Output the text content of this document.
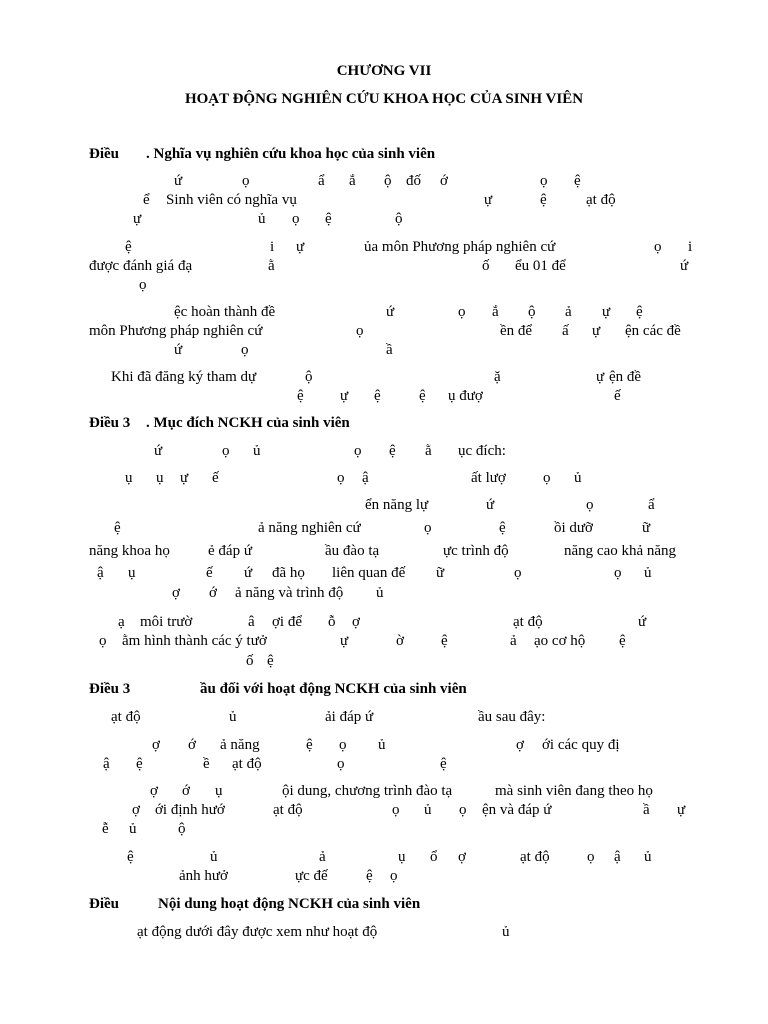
CHƯƠNG VII
HOẠT ĐỘNG NGHIÊN CỨU KHOA HỌC CỦA SINH VIÊN
Điều . Nghĩa vụ nghiên cứu khoa học của sinh viên
ứ	ọ	ẩ ắ ộ đố ớ	ọ ệ
ể Sinh viên có nghĩa vụ	ự	ệ	ạt độ
ự	ủ ọ ệ	ộ
ệ	i ự	ủa môn Phương pháp nghiên cứ	ọ i
được đánh giá đạ	ằ	ố ểu 01 để	ứ
ọ
ệc hoàn thành đề	ứ	ọ ắ ộ ả ự ệ
môn Phương pháp nghiên cứ	ọ	ền để ấ ự ện các đề
ứ	ọ	ầ
Khi đã đăng ký tham dự	ộ	ặ	ự ện đề
ệ ự ệ	ệ ụ đượ	ế
Điều 3 . Mục đích NCKH của sinh viên
ứ	ọ ủ	ọ ệ ằ ục đích:
ụ ụ ự ế	ọ ậ	ất lượ ọ ủ
ển năng lự	ứ	ọ	ẩ
ệ	ả năng nghiên cứ	ọ	ệ	ồi dưỡ	ữ
năng khoa họ	ẻ đáp ứ	ầu đào tạ	ực trình độ	năng cao khả năng
ậ ụ	ế ứ đã họ liên quan đế ữ	ọ	ọ ủ
ợ ớ ả năng và trình độ ủ
ạ môi trườ	â ợi để ỗ ợ	ạt độ	ứ
ọ ằm hình thành các ý tưở	ự	ờ ệ	ả ạo cơ hộ ệ
ố ệ
Điều 3	ầu đối với hoạt động NCKH của sinh viên
ạt độ	ủ	ải đáp ứ	ầu sau đây:
ợ ớ ả năng	ệ ọ ủ	ợ ới các quy đị
ậ ệ	ề ạt độ	ọ	ệ
ợ ớ ụ	ội dung, chương trình đào tạ	mà sinh viên đang theo họ
ợ ới định hướ	ạt độ	ọ ủ ọ ện và đáp ứ	ầ ự
ễ ủ	ộ
ệ	ủ	ả	ụ ổ ợ	ạt độ ọ ậ ủ
ảnh hưở	ực đế	ệ ọ
Điều	Nội dung hoạt động NCKH của sinh viên
ạt động dưới đây được xem như hoạt độ	ủ
